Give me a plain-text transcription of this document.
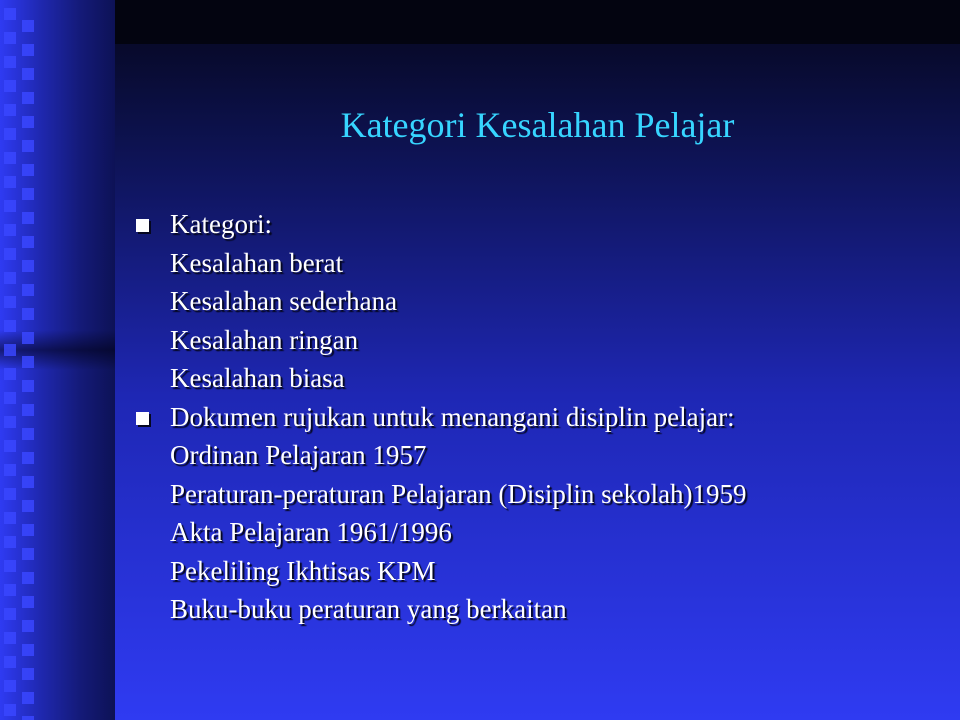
Kategori Kesalahan Pelajar
Kategori:
Kesalahan berat
Kesalahan sederhana
Kesalahan ringan
Kesalahan biasa
Dokumen rujukan untuk menangani disiplin pelajar:
Ordinan Pelajaran 1957
Peraturan-peraturan Pelajaran (Disiplin sekolah)1959
Akta Pelajaran 1961/1996
Pekeliling Ikhtisas KPM
Buku-buku peraturan yang berkaitan
